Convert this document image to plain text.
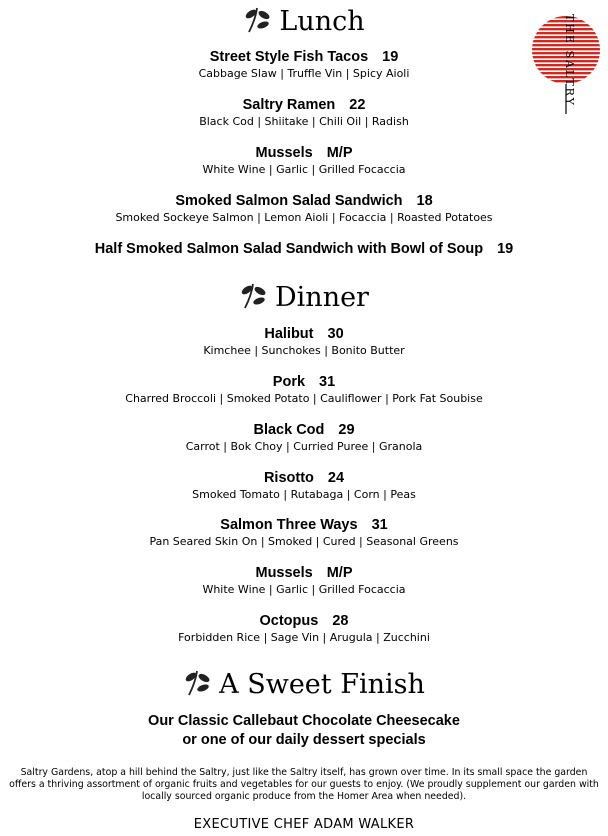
THE SALTRY
Lunch
Street Style Fish Tacos 19
Cabbage Slaw | Truffle Vin | Spicy Aioli
Saltry Ramen 22
Black Cod | Shiitake | Chili Oil | Radish
Mussels M/P
White Wine | Garlic | Grilled Focaccia
Smoked Salmon Salad Sandwich 18
Smoked Sockeye Salmon | Lemon Aioli | Focaccia | Roasted Potatoes
Half Smoked Salmon Salad Sandwich with Bowl of Soup 19
Dinner
Halibut 30
Kimchee | Sunchokes | Bonito Butter
Pork 31
Charred Broccoli | Smoked Potato | Cauliflower | Pork Fat Soubise
Black Cod 29
Carrot | Bok Choy | Curried Puree | Granola
Risotto 24
Smoked Tomato | Rutabaga | Corn | Peas
Salmon Three Ways 31
Pan Seared Skin On | Smoked | Cured | Seasonal Greens
Mussels M/P
White Wine | Garlic | Grilled Focaccia
Octopus 28
Forbidden Rice | Sage Vin | Arugula | Zucchini
A Sweet Finish
Our Classic Callebaut Chocolate Cheesecake
or one of our daily dessert specials
Saltry Gardens, atop a hill behind the Saltry, just like the Saltry itself, has grown over time. In its small space the garden offers a thriving assortment of organic fruits and vegetables for our guests to enjoy. (We proudly supplement our garden with locally sourced organic produce from the Homer Area when needed).
EXECUTIVE CHEF ADAM WALKER
